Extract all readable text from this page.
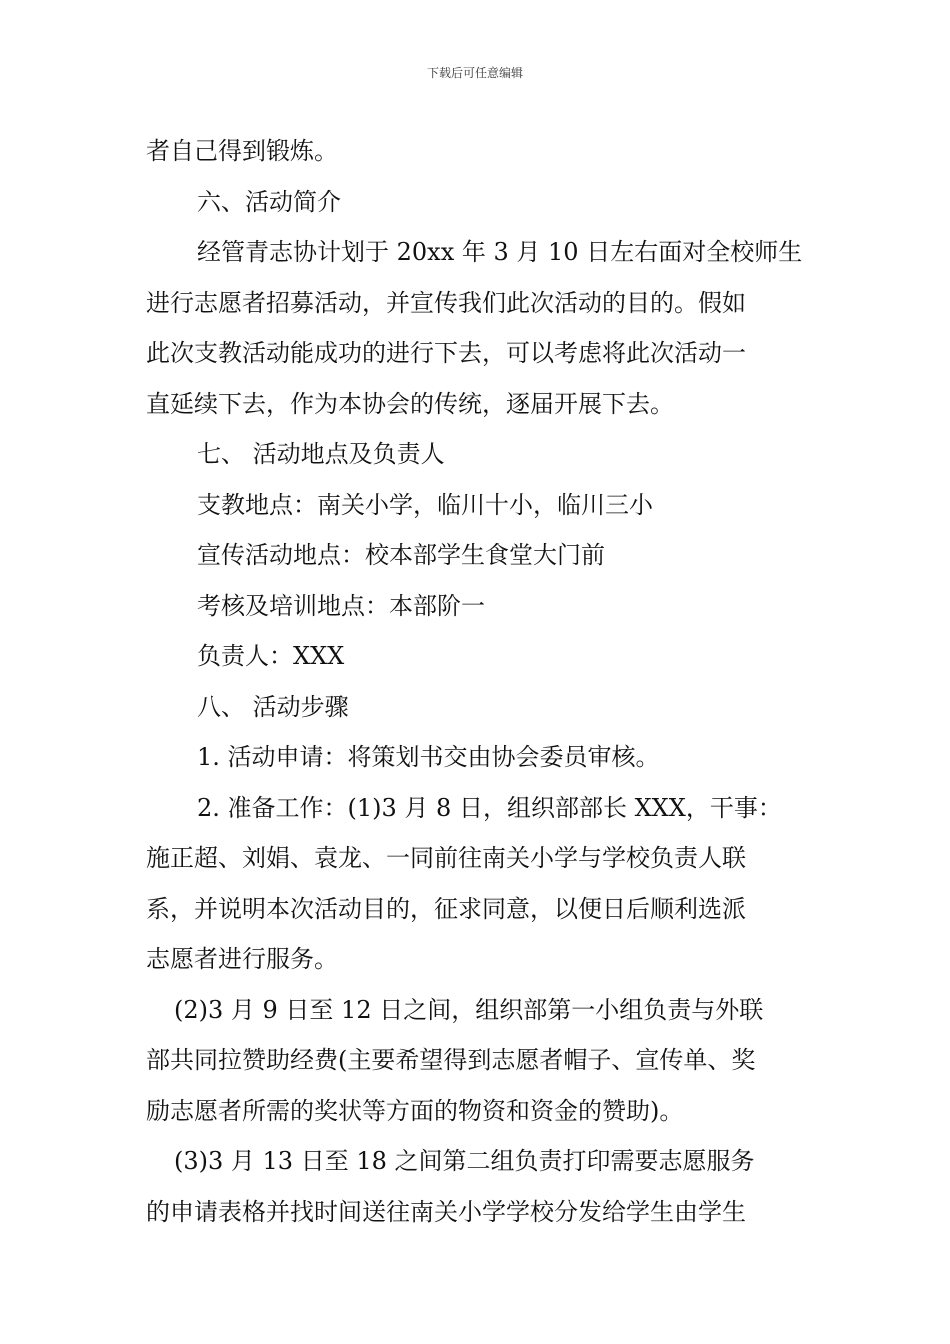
下载后可任意编辑
者自己得到锻炼。
六、活动简介
经管青志协计划于 20xx 年 3 月 10 日左右面对全校师生
进行志愿者招募活动，并宣传我们此次活动的目的。假如
此次支教活动能成功的进行下去，可以考虑将此次活动一
直延续下去，作为本协会的传统，逐届开展下去。
七、 活动地点及负责人
支教地点：南关小学，临川十小，临川三小
宣传活动地点：校本部学生食堂大门前
考核及培训地点：本部阶一
负责人：XXX
八、 活动步骤
1. 活动申请：将策划书交由协会委员审核。
2. 准备工作：(1)3 月 8 日，组织部部长 XXX，干事：
施正超、刘娟、袁龙、一同前往南关小学与学校负责人联
系，并说明本次活动目的，征求同意，以便日后顺利选派
志愿者进行服务。
(2)3 月 9 日至 12 日之间，组织部第一小组负责与外联
部共同拉赞助经费(主要希望得到志愿者帽子、宣传单、奖
励志愿者所需的奖状等方面的物资和资金的赞助)。
(3)3 月 13 日至 18 之间第二组负责打印需要志愿服务
的申请表格并找时间送往南关小学学校分发给学生由学生
